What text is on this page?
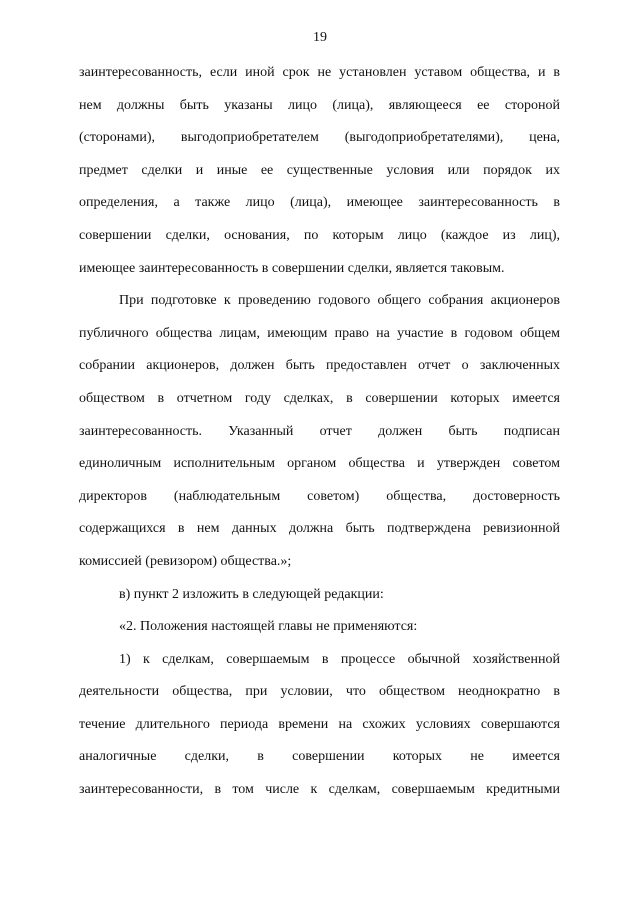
19
заинтересованность, если иной срок не установлен уставом общества, и в
нем должны быть указаны лицо (лица), являющееся ее стороной
(сторонами), выгодоприобретателем (выгодоприобретателями), цена,
предмет сделки и иные ее существенные условия или порядок их
определения, а также лицо (лица), имеющее заинтересованность в
совершении сделки, основания, по которым лицо (каждое из лиц),
имеющее заинтересованность в совершении сделки, является таковым.
При подготовке к проведению годового общего собрания акционеров
публичного общества лицам, имеющим право на участие в годовом общем
собрании акционеров, должен быть предоставлен отчет о заключенных
обществом в отчетном году сделках, в совершении которых имеется
заинтересованность. Указанный отчет должен быть подписан
единоличным исполнительным органом общества и утвержден советом
директоров (наблюдательным советом) общества, достоверность
содержащихся в нем данных должна быть подтверждена ревизионной
комиссией (ревизором) общества.»;
в) пункт 2 изложить в следующей редакции:
«2. Положения настоящей главы не применяются:
1) к сделкам, совершаемым в процессе обычной хозяйственной
деятельности общества, при условии, что обществом неоднократно в
течение длительного периода времени на схожих условиях совершаются
аналогичные сделки, в совершении которых не имеется
заинтересованности, в том числе к сделкам, совершаемым кредитными
